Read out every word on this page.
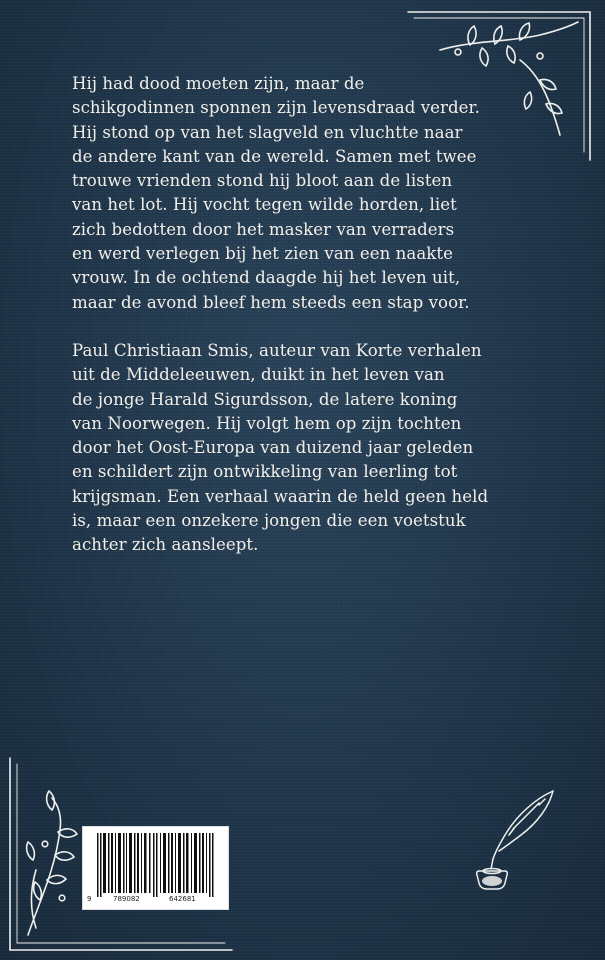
Hij had dood moeten zijn, maar de
schikgodinnen sponnen zijn levensdraad verder.
Hij stond op van het slagveld en vluchtte naar
de andere kant van de wereld. Samen met twee
trouwe vrienden stond hij bloot aan de listen
van het lot. Hij vocht tegen wilde horden, liet
zich bedotten door het masker van verraders
en werd verlegen bij het zien van een naakte
vrouw. In de ochtend daagde hij het leven uit,
maar de avond bleef hem steeds een stap voor.

Paul Christiaan Smis, auteur van Korte verhalen
uit de Middeleeuwen, duikt in het leven van
de jonge Harald Sigurdsson, de latere koning
van Noorwegen. Hij volgt hem op zijn tochten
door het Oost-Europa van duizend jaar geleden
en schildert zijn ontwikkeling van leerling tot
krijgsman. Een verhaal waarin de held geen held
is, maar een onzekere jongen die een voetstuk
achter zich aansleept.

9	789082	642681
